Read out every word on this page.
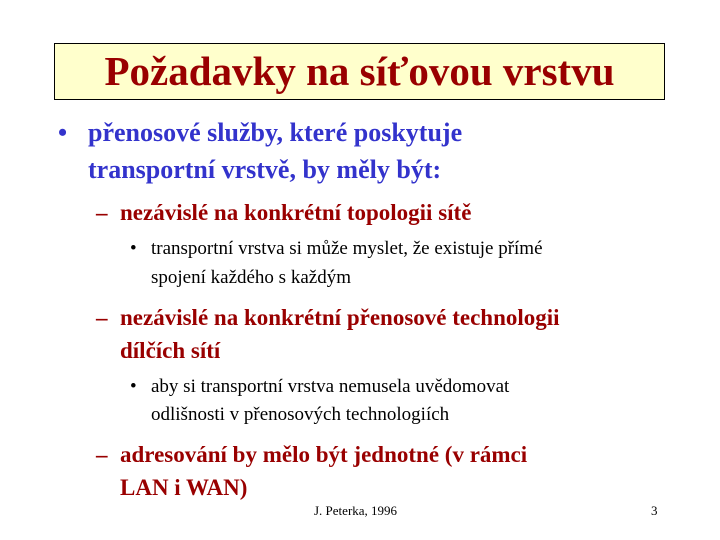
Požadavky na síťovou vrstvu
• přenosové služby, které poskytuje
transportní vrstvě, by měly být:
– nezávislé na konkrétní topologii sítě
• transportní vrstva si může myslet, že existuje přímé
spojení každého s každým
– nezávislé na konkrétní přenosové technologii
dílčích sítí
• aby si transportní vrstva nemusela uvědomovat
odlišnosti v přenosových technologiích
– adresování by mělo být jednotné (v rámci
LAN i WAN)
J. Peterka, 1996	3
